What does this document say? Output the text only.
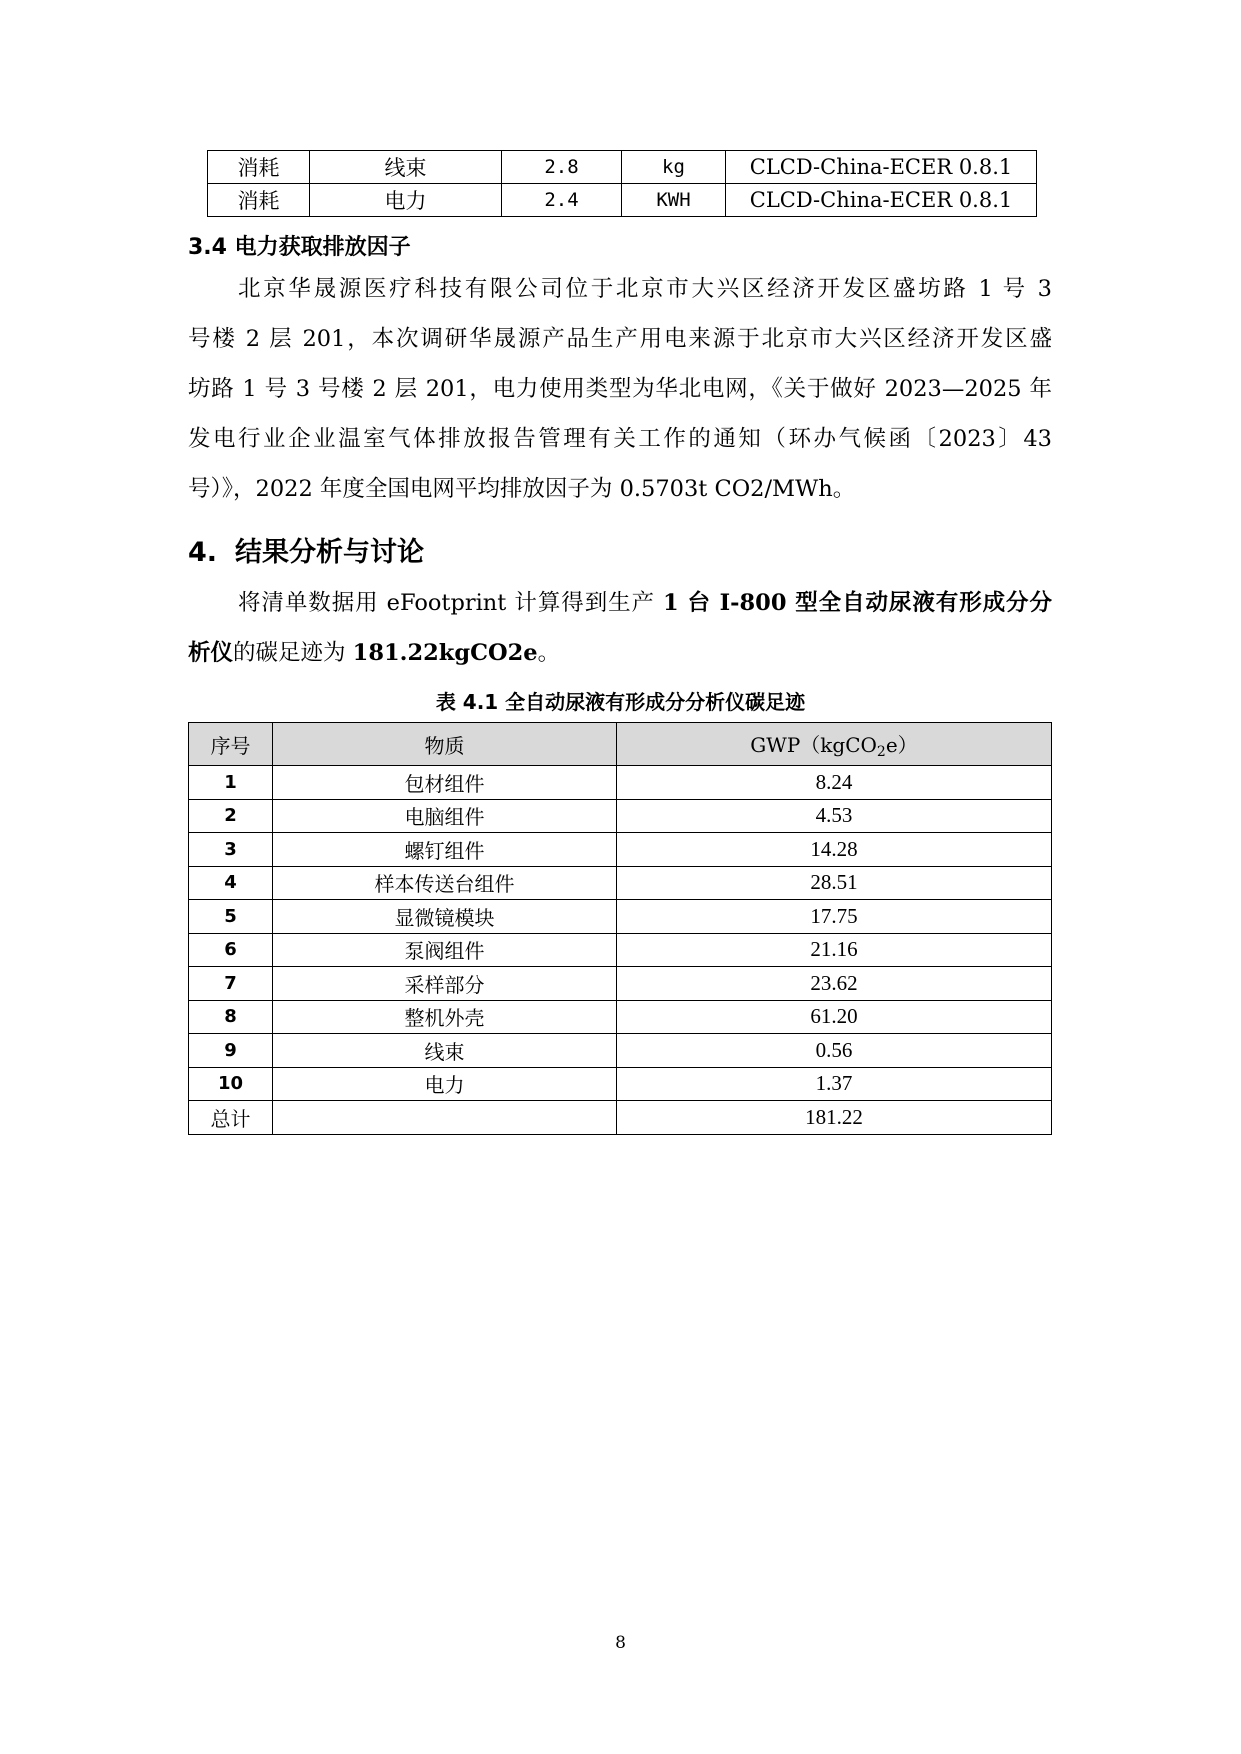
消耗	线束	2.8	kg	CLCD-China-ECER 0.8.1
消耗	电力	2.4	KWH	CLCD-China-ECER 0.8.1
3.4 电力获取排放因子

北京华晟源医疗科技有限公司位于北京市大兴区经济开发区盛坊路 1 号 3

号楼 2 层 201，本次调研华晟源产品生产用电来源于北京市大兴区经济开发区盛

坊路 1 号 3 号楼 2 层 201，电力使用类型为华北电网，《关于做好 2023—2025 年

发电行业企业温室气体排放报告管理有关工作的通知（环办气候函〔2023〕43

号）》，2022 年度全国电网平均排放因子为 0.5703t CO2/MWh。

4. 结果分析与讨论

将清单数据用 eFootprint 计算得到生产 1 台 I-800 型全自动尿液有形成分分

析仪的碳足迹为 181.22kgCO2e。

表 4.1 全自动尿液有形成分分析仪碳足迹
序号	物质	GWP（kgCO$_2$e）
1	包材组件	8.24
2	电脑组件	4.53
3	螺钉组件	14.28
4	样本传送台组件	28.51
5	显微镜模块	17.75
6	泵阀组件	21.16
7	采样部分	23.62
8	整机外壳	61.20
9	线束	0.56
10	电力	1.37
总计		181.22
8
